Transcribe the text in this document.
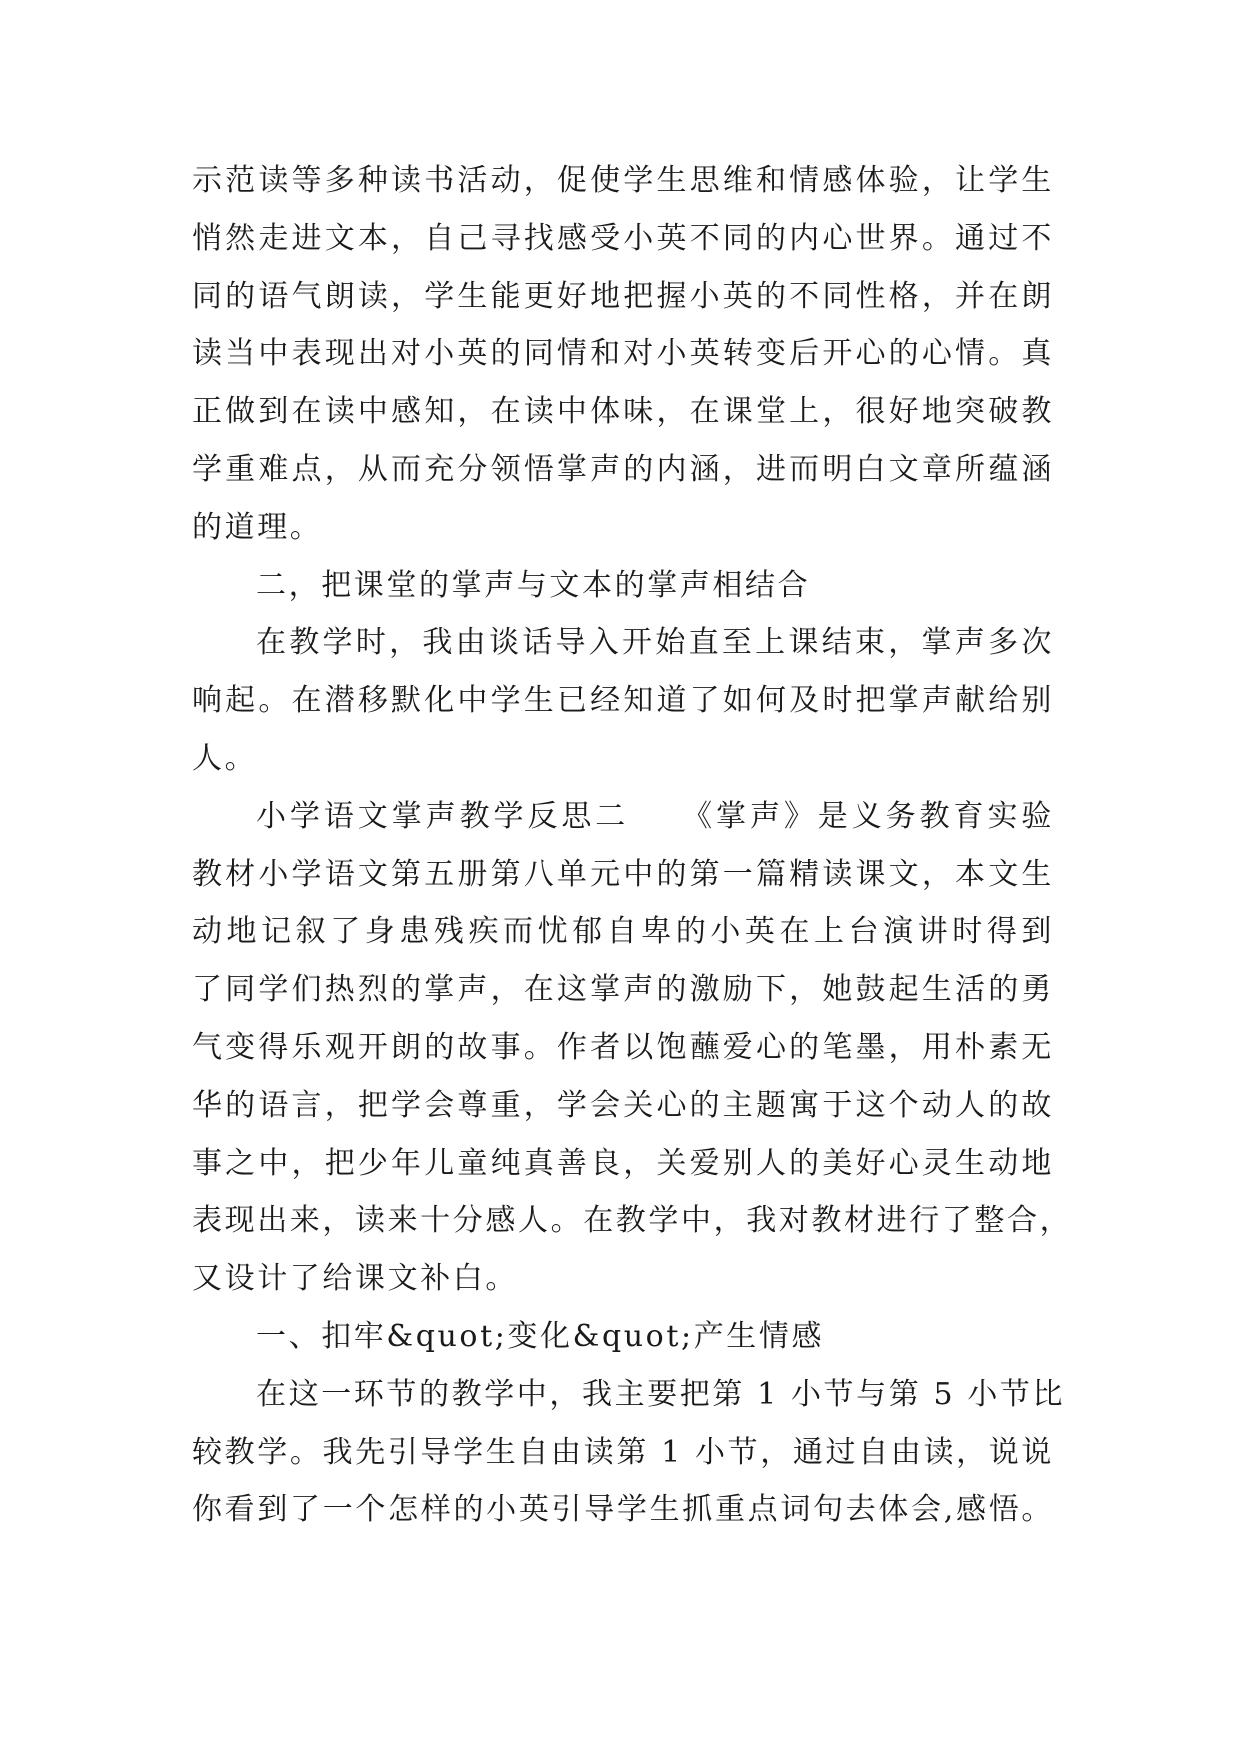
示范读等多种读书活动，促使学生思维和情感体验，让学生
悄然走进文本，自己寻找感受小英不同的内心世界。通过不
同的语气朗读，学生能更好地把握小英的不同性格，并在朗
读当中表现出对小英的同情和对小英转变后开心的心情。真
正做到在读中感知，在读中体味，在课堂上，很好地突破教
学重难点，从而充分领悟掌声的内涵，进而明白文章所蕴涵
的道理。

二，把课堂的掌声与文本的掌声相结合

在教学时，我由谈话导入开始直至上课结束，掌声多次
响起。在潜移默化中学生已经知道了如何及时把掌声献给别
人。

小学语文掌声教学反思二　　《掌声》是义务教育实验
教材小学语文第五册第八单元中的第一篇精读课文，本文生
动地记叙了身患残疾而忧郁自卑的小英在上台演讲时得到
了同学们热烈的掌声，在这掌声的激励下，她鼓起生活的勇
气变得乐观开朗的故事。作者以饱蘸爱心的笔墨，用朴素无
华的语言，把学会尊重，学会关心的主题寓于这个动人的故
事之中，把少年儿童纯真善良，关爱别人的美好心灵生动地
表现出来，读来十分感人。在教学中，我对教材进行了整合，
又设计了给课文补白。

一、扣牢&quot;变化&quot;产生情感

在这一环节的教学中，我主要把第 1 小节与第 5 小节比
较教学。我先引导学生自由读第 1 小节，通过自由读，说说
你看到了一个怎样的小英引导学生抓重点词句去体会,感悟。
